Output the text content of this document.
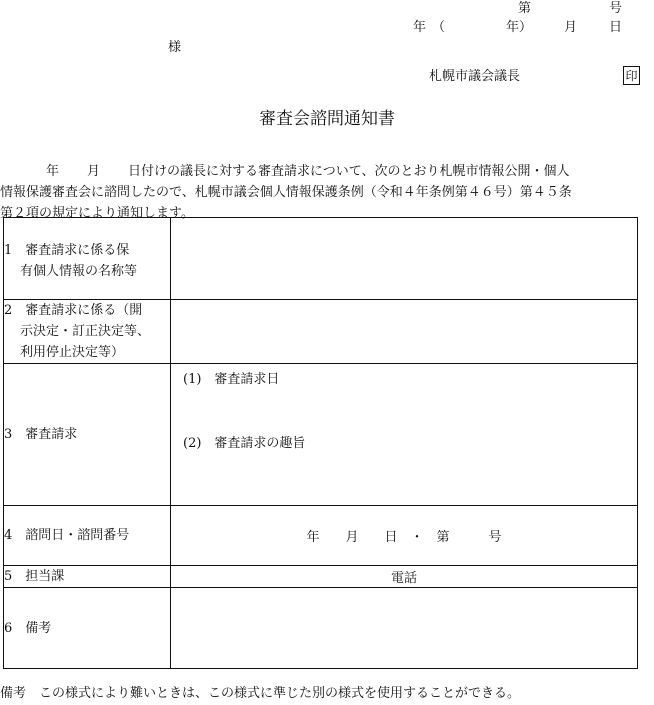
第	号
年 （	年） 月 日
様
札幌市議会議長	印
審査会諮問通知書
年 月 日付けの議長に対する審査請求について、次のとおり札幌市情報公開・個人
情報保護審査会に諮問したので、札幌市議会個人情報保護条例（令和４年条例第４６号）第４５条
第２項の規定により通知します。
1　審査請求に係る保
有個人情報の名称等	

2　審査請求に係る（開
示決定・訂正決定等、
利用停止決定等）	

3　審査請求	(1)　審査請求日
(2)　審査請求の趣旨

4　諮問日・諮問番号	年　　月　　日　・　第　　　号
5　担当課	電話
6　備考	
備考　この様式により難いときは、この様式に準じた別の様式を使用することができる。
